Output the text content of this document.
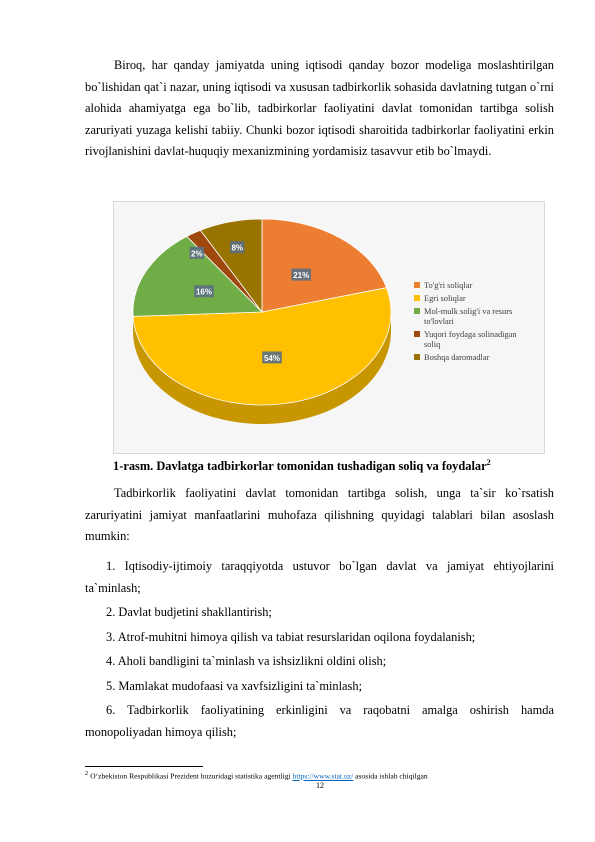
Biroq, har qanday jamiyatda uning iqtisodi qanday bozor modeliga moslashtirilgan bo`lishidan qat`i nazar, uning iqtisodi va xususan tadbirkorlik sohasida davlatning tutgan o`rni alohida ahamiyatga ega bo`lib, tadbirkorlar faoliyatini davlat tomonidan tartibga solish zaruriyati yuzaga kelishi tabiiy. Chunki bozor iqtisodi sharoitida tadbirkorlar faoliyatini erkin rivojlanishini davlat-huquqiy mexanizmining yordamisiz tasavvur etib bo`lmaydi.

21%
54%
16%
2%
8%
To'g'ri soliqlar
Egri soliqlar
Mol-mulk solig'i va resurs to'lovlari
Yuqori foydaga solinadigan soliq
Boshqa daromadlar

1-rasm. Davlatga tadbirkorlar tomonidan tushadigan soliq va foydalar$^2$

Tadbirkorlik faoliyatini davlat tomonidan tartibga solish, unga ta`sir ko`rsatish zaruriyatini jamiyat manfaatlarini muhofaza qilishning quyidagi talablari bilan asoslash mumkin:

1. Iqtisodiy-ijtimoiy taraqqiyotda ustuvor bo`lgan davlat va jamiyat ehtiyojlarini ta`minlash;

2. Davlat budjetini shakllantirish;

3. Atrof-muhitni himoya qilish va tabiat resurslaridan oqilona foydalanish;

4. Aholi bandligini ta`minlash va ishsizlikni oldini olish;

5. Mamlakat mudofaasi va xavfsizligini ta`minlash;

6. Tadbirkorlik faoliyatining erkinligini va raqobatni amalga oshirish hamda monopoliyadan himoya qilish;

$^2$ O‘zbekiston Respublikasi Prezident huzuridagi statistika agentligi https://www.stat.uz/ asosida ishlab chiqilgan

12
